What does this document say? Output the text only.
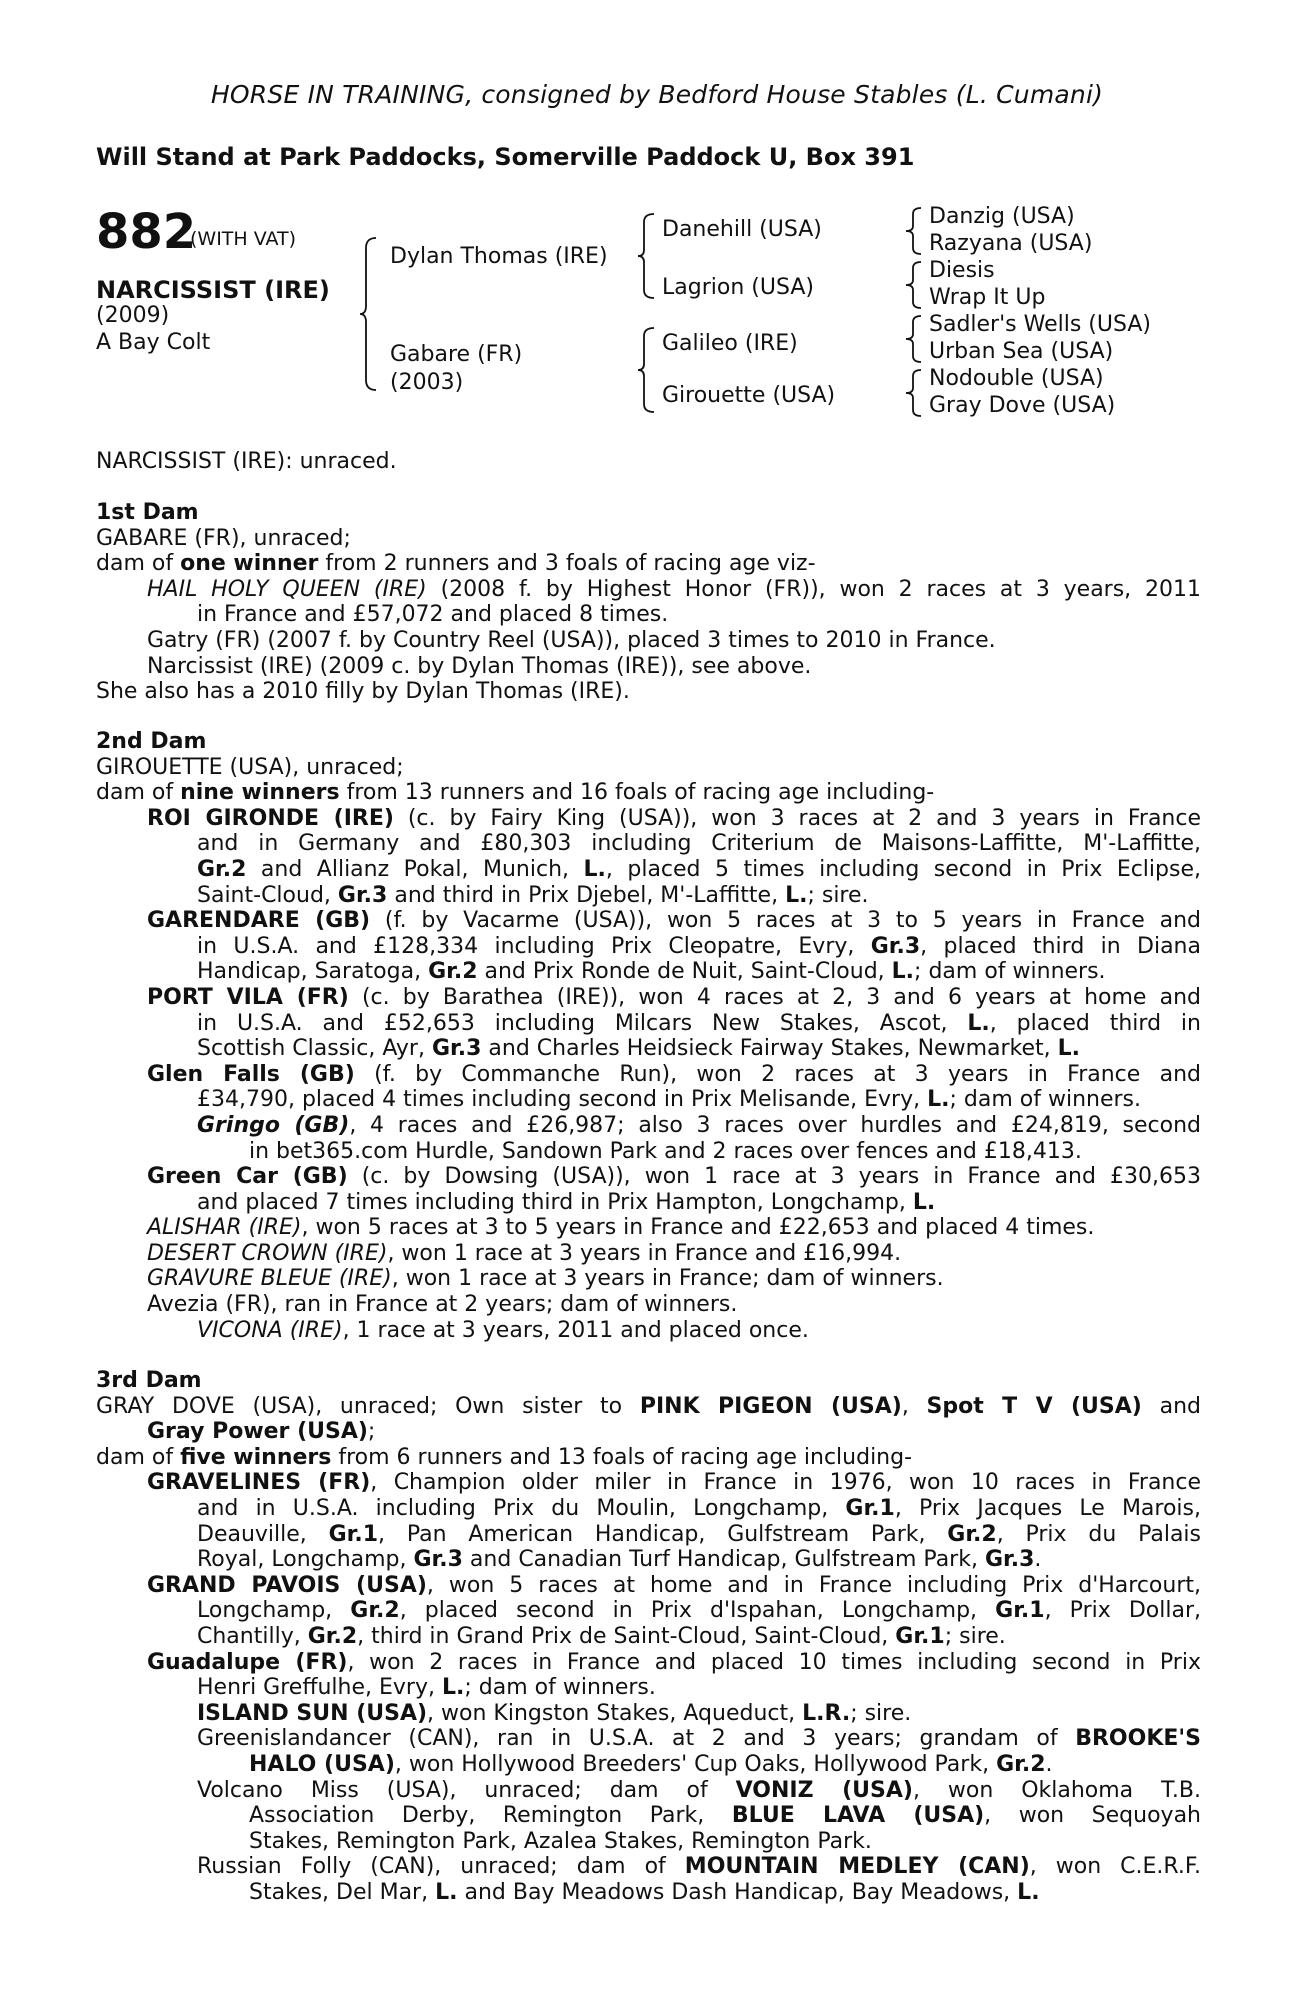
HORSE IN TRAINING, consigned by Bedford House Stables (L. Cumani)
Will Stand at Park Paddocks, Somerville Paddock U, Box 391
882
(WITH VAT)
NARCISSIST (IRE)
(2009)
A Bay Colt
Dylan Thomas (IRE)
Gabare (FR)
(2003)
Danehill (USA)
Lagrion (USA)
Galileo (IRE)
Girouette (USA)
Danzig (USA)
Razyana (USA)
Diesis
Wrap It Up
Sadler's Wells (USA)
Urban Sea (USA)
Nodouble (USA)
Gray Dove (USA)
NARCISSIST (IRE): unraced.
1st Dam
GABARE (FR), unraced;
dam of one winner from 2 runners and 3 foals of racing age viz-
HAIL HOLY QUEEN (IRE) (2008 f. by Highest Honor (FR)), won 2 races at 3 years, 2011
in France and £57,072 and placed 8 times.
Gatry (FR) (2007 f. by Country Reel (USA)), placed 3 times to 2010 in France.
Narcissist (IRE) (2009 c. by Dylan Thomas (IRE)), see above.
She also has a 2010 filly by Dylan Thomas (IRE).
2nd Dam
GIROUETTE (USA), unraced;
dam of nine winners from 13 runners and 16 foals of racing age including-
ROI GIRONDE (IRE) (c. by Fairy King (USA)), won 3 races at 2 and 3 years in France
and in Germany and £80,303 including Criterium de Maisons-Laffitte, M'-Laffitte,
Gr.2 and Allianz Pokal, Munich, L., placed 5 times including second in Prix Eclipse,
Saint-Cloud, Gr.3 and third in Prix Djebel, M'-Laffitte, L.; sire.
GARENDARE (GB) (f. by Vacarme (USA)), won 5 races at 3 to 5 years in France and
in U.S.A. and £128,334 including Prix Cleopatre, Evry, Gr.3, placed third in Diana
Handicap, Saratoga, Gr.2 and Prix Ronde de Nuit, Saint-Cloud, L.; dam of winners.
PORT VILA (FR) (c. by Barathea (IRE)), won 4 races at 2, 3 and 6 years at home and
in U.S.A. and £52,653 including Milcars New Stakes, Ascot, L., placed third in
Scottish Classic, Ayr, Gr.3 and Charles Heidsieck Fairway Stakes, Newmarket, L.
Glen Falls (GB) (f. by Commanche Run), won 2 races at 3 years in France and
£34,790, placed 4 times including second in Prix Melisande, Evry, L.; dam of winners.
Gringo (GB), 4 races and £26,987; also 3 races over hurdles and £24,819, second
in bet365.com Hurdle, Sandown Park and 2 races over fences and £18,413.
Green Car (GB) (c. by Dowsing (USA)), won 1 race at 3 years in France and £30,653
and placed 7 times including third in Prix Hampton, Longchamp, L.
ALISHAR (IRE), won 5 races at 3 to 5 years in France and £22,653 and placed 4 times.
DESERT CROWN (IRE), won 1 race at 3 years in France and £16,994.
GRAVURE BLEUE (IRE), won 1 race at 3 years in France; dam of winners.
Avezia (FR), ran in France at 2 years; dam of winners.
VICONA (IRE), 1 race at 3 years, 2011 and placed once.
3rd Dam
GRAY DOVE (USA), unraced; Own sister to PINK PIGEON (USA), Spot T V (USA) and
Gray Power (USA);
dam of five winners from 6 runners and 13 foals of racing age including-
GRAVELINES (FR), Champion older miler in France in 1976, won 10 races in France
and in U.S.A. including Prix du Moulin, Longchamp, Gr.1, Prix Jacques Le Marois,
Deauville, Gr.1, Pan American Handicap, Gulfstream Park, Gr.2, Prix du Palais
Royal, Longchamp, Gr.3 and Canadian Turf Handicap, Gulfstream Park, Gr.3.
GRAND PAVOIS (USA), won 5 races at home and in France including Prix d'Harcourt,
Longchamp, Gr.2, placed second in Prix d'Ispahan, Longchamp, Gr.1, Prix Dollar,
Chantilly, Gr.2, third in Grand Prix de Saint-Cloud, Saint-Cloud, Gr.1; sire.
Guadalupe (FR), won 2 races in France and placed 10 times including second in Prix
Henri Greffulhe, Evry, L.; dam of winners.
ISLAND SUN (USA), won Kingston Stakes, Aqueduct, L.R.; sire.
Greenislandancer (CAN), ran in U.S.A. at 2 and 3 years; grandam of BROOKE'S
HALO (USA), won Hollywood Breeders' Cup Oaks, Hollywood Park, Gr.2.
Volcano Miss (USA), unraced; dam of VONIZ (USA), won Oklahoma T.B.
Association Derby, Remington Park, BLUE LAVA (USA), won Sequoyah
Stakes, Remington Park, Azalea Stakes, Remington Park.
Russian Folly (CAN), unraced; dam of MOUNTAIN MEDLEY (CAN), won C.E.R.F.
Stakes, Del Mar, L. and Bay Meadows Dash Handicap, Bay Meadows, L.
